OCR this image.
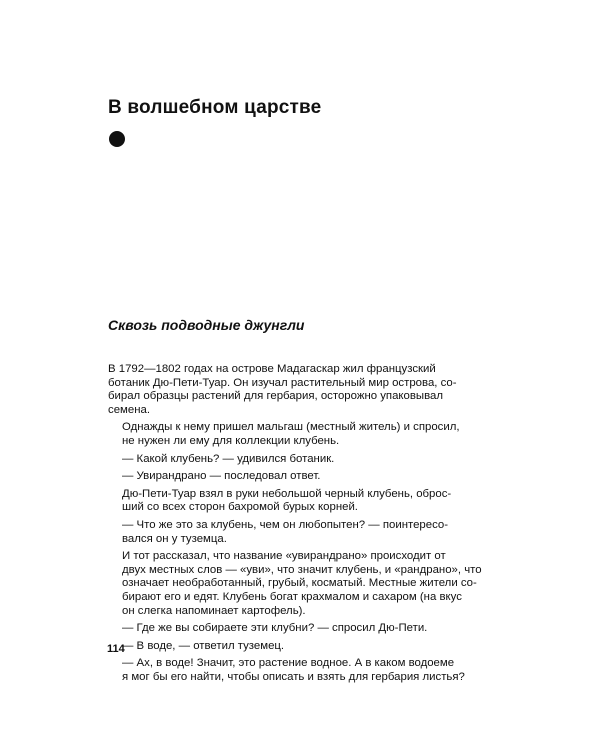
В волшебном царстве
Сквозь подводные джунгли

В 1792—1802 годах на острове Мадагаскар жил французский
ботаник Дю-Пети-Туар. Он изучал растительный мир острова, со-
бирал образцы растений для гербария, осторожно упаковывал
семена.

Однажды к нему пришел мальгаш (местный житель) и спросил,
не нужен ли ему для коллекции клубень.

— Какой клубень? — удивился ботаник.

— Увирандрано — последовал ответ.

Дю-Пети-Туар взял в руки небольшой черный клубень, оброс-
ший со всех сторон бахромой бурых корней.

— Что же это за клубень, чем он любопытен? — поинтересо-
вался он у туземца.

И тот рассказал, что название «увирандрано» происходит от
двух местных слов — «уви», что значит клубень, и «рандрано», что
означает необработанный, грубый, косматый. Местные жители со-
бирают его и едят. Клубень богат крахмалом и сахаром (на вкус
он слегка напоминает картофель).

— Где же вы собираете эти клубни? — спросил Дю-Пети.

— В воде, — ответил туземец.

— Ах, в воде! Значит, это растение водное. А в каком водоеме
я мог бы его найти, чтобы описать и взять для гербария листья?

114
